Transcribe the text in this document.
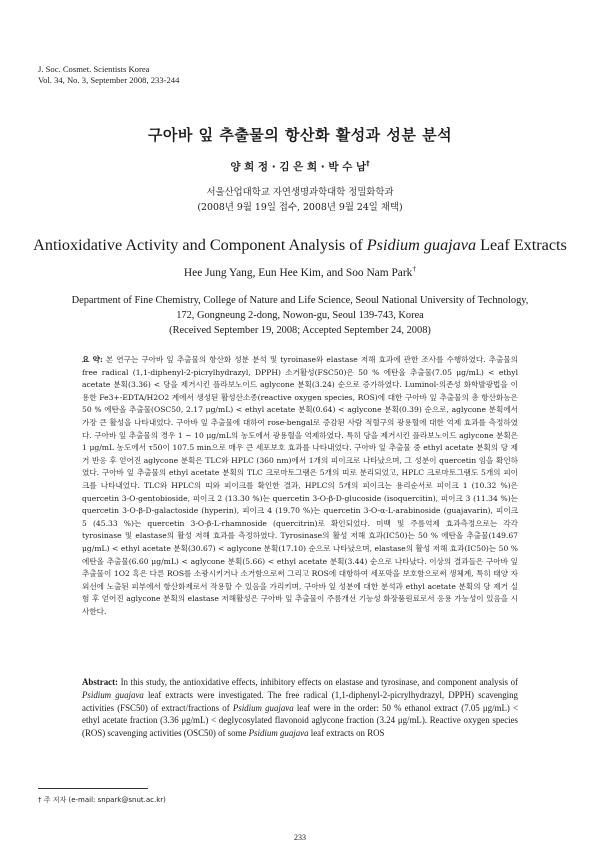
J. Soc. Cosmet. Scientists Korea
Vol. 34, No. 3, September 2008, 233-244
구아바 잎 추출물의 항산화 활성과 성분 분석
양 희 정 · 김 은 희 · 박 수 남†
서울산업대학교 자연생명과학대학 정밀화학과
(2008년 9월 19일 접수, 2008년 9월 24일 채택)
Antioxidative Activity and Component Analysis of Psidium guajava Leaf Extracts
Hee Jung Yang, Eun Hee Kim, and Soo Nam Park†
Department of Fine Chemistry, College of Nature and Life Science, Seoul National University of Technology,
172, Gongneung 2-dong, Nowon-gu, Seoul 139-743, Korea
(Received September 19, 2008; Accepted September 24, 2008)
요 약: 본 연구는 구아바 잎 추출물의 항산화 성분 분석 및 tyroinase와 elastase 저해 효과에 관한 조사를 수행하였다. 추출물의 free radical (1,1-diphenyl-2-picrylhydrazyl, DPPH) 소거활성(FSC50)은 50 % 에탄올 추출물(7.05 μg/mL) < ethyl acetate 분획(3.36) < 당을 제거시킨 플라보노이드 aglycone 분획(3.24) 순으로 증가하였다. Luminol-의존성 화학발광법을 이용한 Fe3+-EDTA/H2O2 계에서 생성된 활성산소종(reactive oxygen species, ROS)에 대한 구아바 잎 추출물의 총 항산화능은 50 % 에탄올 추출물(OSC50, 2.17 μg/mL) < ethyl acetate 분획(0.64) < aglycone 분획(0.39) 순으로, aglycone 분획에서 가장 큰 활성을 나타내었다. 구아바 잎 추출물에 대하여 rose-bengal로 증감된 사람 적혈구의 광용혈에 대한 억제 효과를 측정하였다. 구아바 잎 추출물의 경우 1 ~ 10 μg/mL의 농도에서 광용혈을 억제하였다. 특히 당을 제거시킨 플라보노이드 aglycone 분획은 1 μg/mL 농도에서 τ50이 107.5 min으로 매우 큰 세포보호 효과를 나타내었다. 구아바 잎 추출물 중 ethyl acetate 분획의 당 제거 반응 후 얻어진 aglycone 분획은 TLC와 HPLC (360 nm)에서 1개의 피이크로 나타났으며, 그 성분이 quercetin 임을 확인하였다. 구아바 잎 추출물의 ethyl acetate 분획의 TLC 크로마토그램은 5개의 띠로 분리되었고, HPLC 크로마토그램도 5개의 피이크를 나타내었다. TLC와 HPLC의 띠와 피이크를 확인한 결과, HPLC의 5개의 피이크는 용리순서로 피이크 1 (10.32 %)은 quercetin 3-O-gentobioside, 피이크 2 (13.30 %)는 quercetin 3-O-β-D-glucoside (isoquercitin), 피이크 3 (11.34 %)는 quercetin 3-O-β-D-galactoside (hyperin), 피이크 4 (19.70 %)는 quercetin 3-O-α-L-arabinoside (guajavarin), 피이크 5 (45.33 %)는 quercetin 3-O-β-L-rhamnoside (quercitrin)로 확인되었다. 미백 및 주름억제 효과측정으로는 각각 tyrosinase 및 elastase의 활성 저해 효과를 측정하였다. Tyrosinase의 활성 저해 효과(IC50)는 50 % 에탄올 추출물(149.67 μg/mL) < ethyl acetate 분획(30.67) < aglycone 분획(17.10) 순으로 나타났으며, elastase의 활성 저해 효과(IC50)는 50 % 에탄올 추출물(6.60 μg/mL) < aglycone 분획(5.66) < ethyl acetate 분획(3.44) 순으로 나타났다. 이상의 결과들은 구아바 잎 추출물이 1O2 혹은 다른 ROS를 소광시키거나 소거함으로써 그리고 ROS에 대항하여 세포막을 보호함으로써 생체계, 특히 태양 자외선에 노출된 피부에서 항산화제로서 작용할 수 있음을 가리키며, 구아바 잎 성분에 대한 분석과 ethyl acetate 분획의 당 제거 실험 후 얻어진 aglycone 분획의 elastase 저해활성은 구아바 잎 추출물이 주름개선 기능성 화장품원료로서 응용 가능성이 있음을 시사한다.
Abstract: In this study, the antioxidative effects, inhibitory effects on elastase and tyrosinase, and component analysis of Psidium guajava leaf extracts were investigated. The free radical (1,1-diphenyl-2-picrylhydrazyl, DPPH) scavenging activities (FSC50) of extract/fractions of Psidium guajava leaf were in the order: 50 % ethanol extract (7.05 μg/mL) < ethyl acetate fraction (3.36 μg/mL) < deglycosylated flavonoid aglycone fraction (3.24 μg/mL). Reactive oxygen species (ROS) scavenging activities (OSC50) of some Psidium guajava leaf extracts on ROS
† 주 저자 (e-mail: snpark@snut.ac.kr)
233
